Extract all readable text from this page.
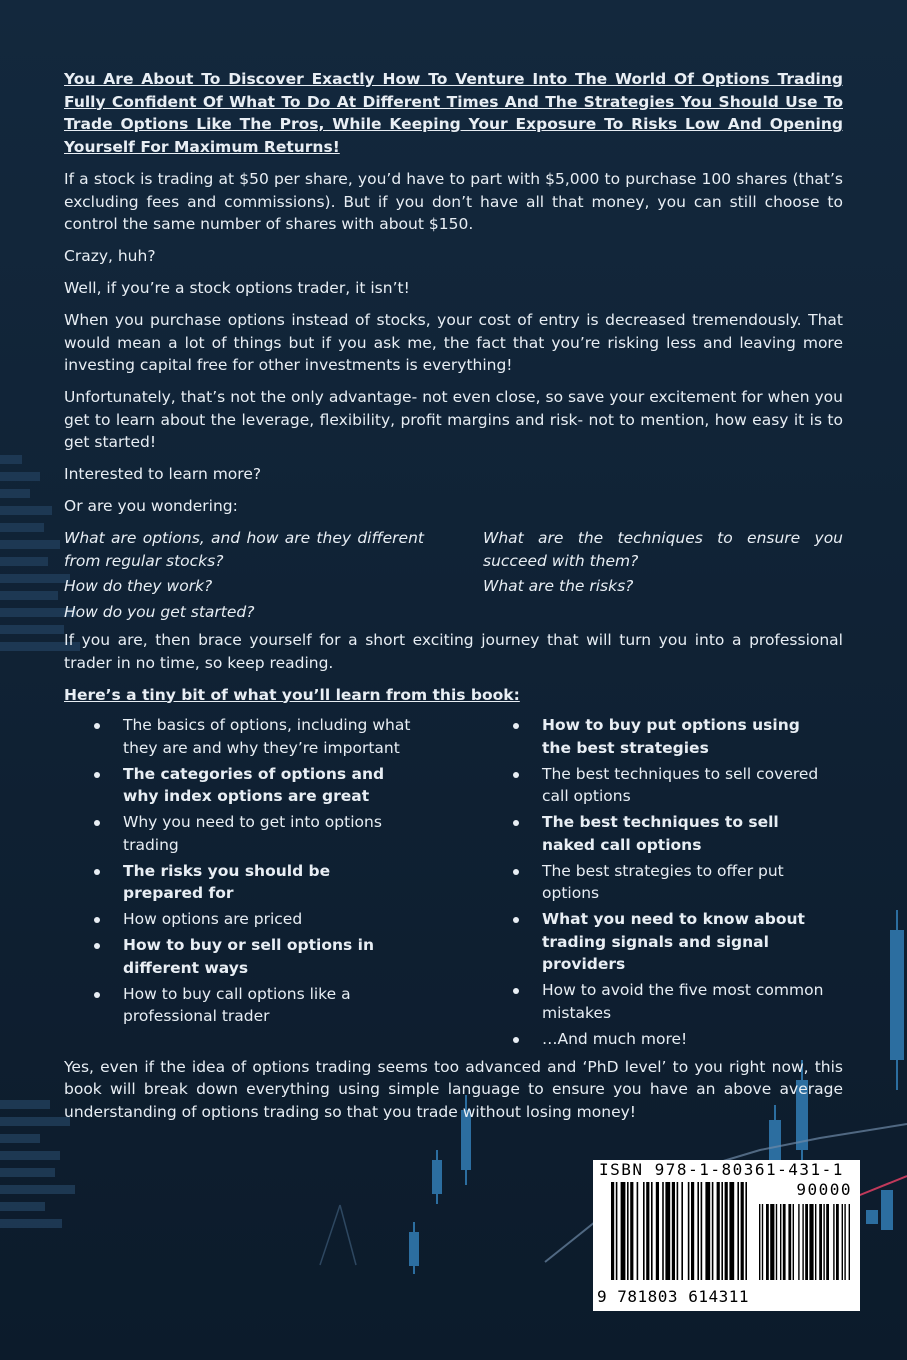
You Are About To Discover Exactly How To Venture Into The World Of Options Trading Fully Confident Of What To Do At Different Times And The Strategies You Should Use To Trade Options Like The Pros, While Keeping Your Exposure To Risks Low And Opening Yourself For Maximum Returns!

If a stock is trading at $50 per share, you’d have to part with $5,000 to purchase 100 shares (that’s excluding fees and commissions). But if you don’t have all that money, you can still choose to control the same number of shares with about $150.

Crazy, huh?

Well, if you’re a stock options trader, it isn’t!

When you purchase options instead of stocks, your cost of entry is decreased tremendously. That would mean a lot of things but if you ask me, the fact that you’re risking less and leaving more investing capital free for other investments is everything!

Unfortunately, that’s not the only advantage- not even close, so save your excitement for when you get to learn about the leverage, flexibility, profit margins and risk- not to mention, how easy it is to get started!

Interested to learn more?

Or are you wondering:

What are options, and how are they different from regular stocks?
What are the techniques to ensure you succeed with them?
How do they work?	What are the risks?
How do you get started?

If you are, then brace yourself for a short exciting journey that will turn you into a professional trader in no time, so keep reading.

Here’s a tiny bit of what you’ll learn from this book:
The basics of options, including what they are and why they’re important
The categories of options and why index options are great
Why you need to get into options trading
The risks you should be prepared for
How options are priced
How to buy or sell options in different ways
How to buy call options like a professional trader
How to buy put options using the best strategies
The best techniques to sell covered call options
The best techniques to sell naked call options
The best strategies to offer put options
What you need to know about trading signals and signal providers
How to avoid the five most common mistakes
…And much more!

Yes, even if the idea of options trading seems too advanced and ‘PhD level’ to you right now, this book will break down everything using simple language to ensure you have an above average understanding of options trading so that you trade without losing money!

ISBN 978-1-80361-431-1
90000
9 781803 614311
